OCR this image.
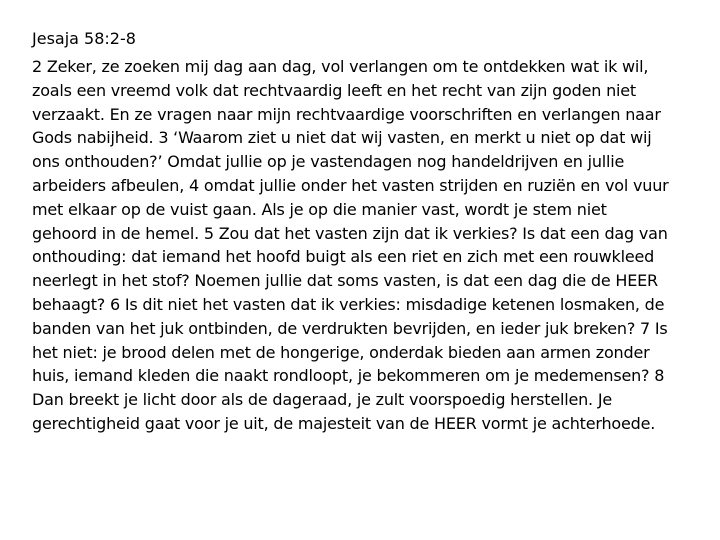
Jesaja 58:2-8
2 Zeker, ze zoeken mij dag aan dag, vol verlangen om te ontdekken wat ik wil,
zoals een vreemd volk dat rechtvaardig leeft en het recht van zijn goden niet
verzaakt. En ze vragen naar mijn rechtvaardige voorschriften en verlangen naar
Gods nabijheid. 3 ‘Waarom ziet u niet dat wij vasten, en merkt u niet op dat wij
ons onthouden?’ Omdat jullie op je vastendagen nog handeldrijven en jullie
arbeiders afbeulen, 4 omdat jullie onder het vasten strijden en ruziën en vol vuur
met elkaar op de vuist gaan. Als je op die manier vast, wordt je stem niet
gehoord in de hemel. 5 Zou dat het vasten zijn dat ik verkies? Is dat een dag van
onthouding: dat iemand het hoofd buigt als een riet en zich met een rouwkleed
neerlegt in het stof? Noemen jullie dat soms vasten, is dat een dag die de HEER
behaagt? 6 Is dit niet het vasten dat ik verkies: misdadige ketenen losmaken, de
banden van het juk ontbinden, de verdrukten bevrijden, en ieder juk breken? 7 Is
het niet: je brood delen met de hongerige, onderdak bieden aan armen zonder
huis, iemand kleden die naakt rondloopt, je bekommeren om je medemensen? 8
Dan breekt je licht door als de dageraad, je zult voorspoedig herstellen. Je
gerechtigheid gaat voor je uit, de majesteit van de HEER vormt je achterhoede.
